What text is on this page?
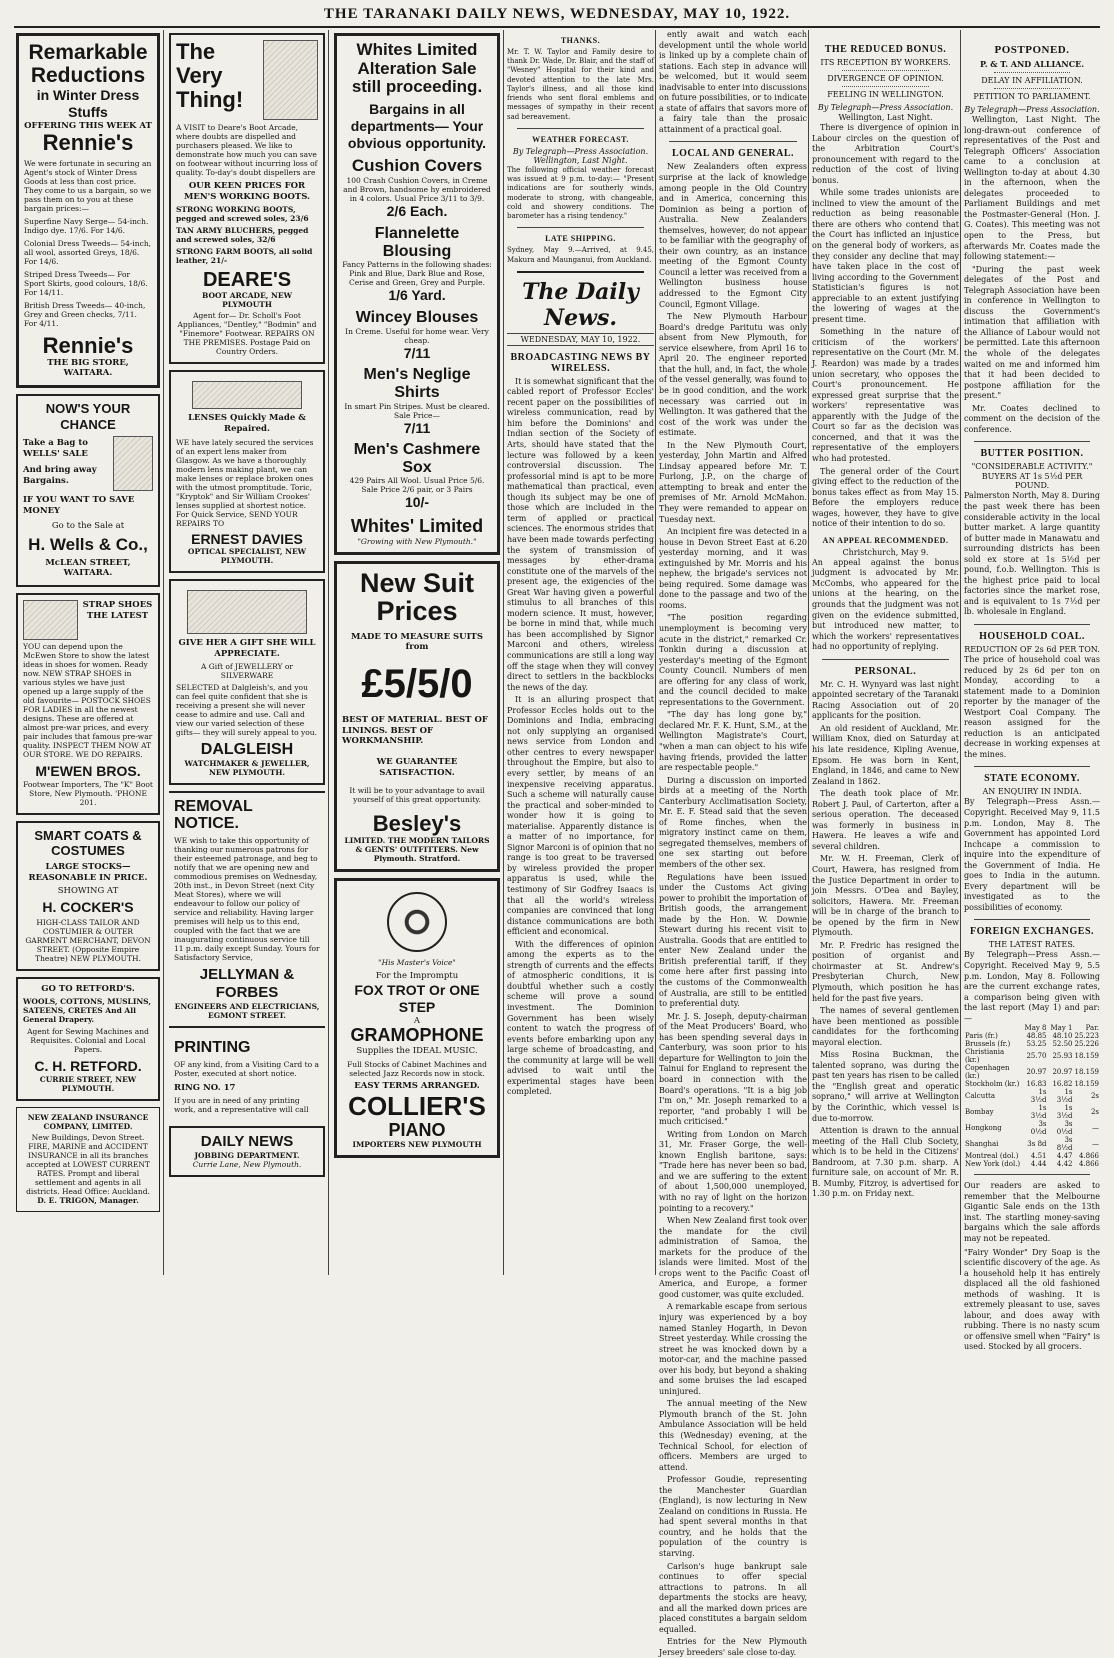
THE TARANAKI DAILY NEWS, WEDNESDAY, MAY 10, 1922.
Remarkable Reductions
in Winter Dress Stuffs
OFFERING THIS WEEK AT
Rennie's
We were fortunate in securing an Agent's stock of Winter Dress Goods at less than cost price. They come to us a bargain, so we pass them on to you at these bargain prices:—
Superfine Navy Serge— 54-inch. Indigo dye. 17/6. For 14/6.
Colonial Dress Tweeds— 54-inch, all wool, assorted Greys, 18/6. For 14/6.
Striped Dress Tweeds— For Sport Skirts, good colours, 18/6. For 14/11.
British Dress Tweeds— 40-inch, Grey and Green checks, 7/11. For 4/11.
Rennie's
THE BIG STORE,
WAITARA.
NOW'S YOUR CHANCE
Take a Bag to WELLS' SALE
And bring away Bargains.
IF YOU WANT TO SAVE MONEY
Go to the Sale at
H. Wells & Co.,
McLEAN STREET, WAITARA.
STRAP SHOES THE LATEST
YOU can depend upon the McEwen Store to show the latest ideas in shoes for women. Ready now. NEW STRAP SHOES in various styles we have just opened up a large supply of the old favourite— POSTOCK SHOES FOR LADIES in all the newest designs. These are offered at almost pre-war prices, and every pair includes that famous pre-war quality. INSPECT THEM NOW AT OUR STORE. WE DO REPAIRS.
M'EWEN BROS.
Footwear Importers, The "K" Boot Store, New Plymouth. 'PHONE 201.
SMART COATS & COSTUMES
LARGE STOCKS— REASONABLE IN PRICE.
SHOWING AT
H. COCKER'S
HIGH-CLASS TAILOR AND COSTUMIER & OUTER GARMENT MERCHANT, DEVON STREET. (Opposite Empire Theatre) NEW PLYMOUTH.
GO TO RETFORD'S.
WOOLS, COTTONS, MUSLINS, SATEENS, CRETES And All General Drapery.
Agent for Sewing Machines and Requisites. Colonial and Local Papers.
C. H. RETFORD.
CURRIE STREET, NEW PLYMOUTH.
NEW ZEALAND INSURANCE COMPANY, LIMITED.
New Buildings, Devon Street. FIRE, MARINE and ACCIDENT INSURANCE in all its branches accepted at LOWEST CURRENT RATES. Prompt and liberal settlement and agents in all districts. Head Office: Auckland.
D. E. TRIGON, Manager.
The Very Thing!
A VISIT to Deare's Boot Arcade, where doubts are dispelled and purchasers pleased. We like to demonstrate how much you can save on footwear without incurring loss of quality. To-day's doubt dispellers are
OUR KEEN PRICES FOR MEN'S WORKING BOOTS.
STRONG WORKING BOOTS, pegged and screwed soles, 23/6
TAN ARMY BLUCHERS, pegged and screwed soles, 32/6
STRONG FARM BOOTS, all solid leather, 21/-
DEARE'S
BOOT ARCADE, NEW PLYMOUTH
Agent for— Dr. Scholl's Foot Appliances, "Dentley," "Bodmin" and "Finemore" Footwear. REPAIRS ON THE PREMISES. Postage Paid on Country Orders.
LENSES Quickly Made & Repaired.
WE have lately secured the services of an expert lens maker from Glasgow. As we have a thoroughly modern lens making plant, we can make lenses or replace broken ones with the utmost promptitude. Toric, "Kryptok" and Sir William Crookes' lenses supplied at shortest notice. For Quick Service, SEND YOUR REPAIRS TO
ERNEST DAVIES
OPTICAL SPECIALIST, NEW PLYMOUTH.
GIVE HER A GIFT SHE WILL APPRECIATE.
A Gift of JEWELLERY or SILVERWARE
SELECTED at Dalgleish's, and you can feel quite confident that she is receiving a present she will never cease to admire and use. Call and view our varied selection of these gifts— they will surely appeal to you.
DALGLEISH
WATCHMAKER & JEWELLER, NEW PLYMOUTH.
REMOVAL NOTICE.
WE wish to take this opportunity of thanking our numerous patrons for their esteemed patronage, and beg to notify that we are opening new and commodious premises on Wednesday, 20th inst., in Devon Street (next City Meat Stores), where we will endeavour to follow our policy of service and reliability. Having larger premises will help us to this end, coupled with the fact that we are inaugurating continuous service till 11 p.m. daily except Sunday. Yours for Satisfactory Service,
JELLYMAN & FORBES
ENGINEERS AND ELECTRICIANS, EGMONT STREET.
PRINTING
OF any kind, from a Visiting Card to a Poster, executed at short notice.
RING NO. 17
If you are in need of any printing work, and a representative will call
DAILY NEWS
JOBBING DEPARTMENT.
Currie Lane, New Plymouth.
Whites Limited Alteration Sale still proceeding.
Bargains in all departments— Your obvious opportunity.
Cushion Covers
100 Crash Cushion Covers, in Creme and Brown, handsome hy embroidered in 4 colors. Usual Price 3/11 to 3/9.
2/6 Each.
Flannelette Blousing
Fancy Patterns in the following shades: Pink and Blue, Dark Blue and Rose, Cerise and Green, Grey and Purple.
1/6 Yard.
Wincey Blouses
In Creme. Useful for home wear. Very cheap.
7/11
Men's Neglige Shirts
In smart Pin Stripes. Must be cleared. Sale Price—
7/11
Men's Cashmere Sox
429 Pairs All Wool. Usual Price 5/6. Sale Price 2/6 pair, or 3 Pairs
10/-
Whites' Limited
"Growing with New Plymouth."
New Suit Prices
MADE TO MEASURE SUITS from
£5/5/0
BEST OF MATERIAL. BEST OF LININGS. BEST OF WORKMANSHIP.
WE GUARANTEE SATISFACTION.
It will be to your advantage to avail yourself of this great opportunity.
Besley's
LIMITED. THE MODERN TAILORS & GENTS' OUTFITTERS. New Plymouth. Stratford.
"His Master's Voice"
For the Impromptu
FOX TROT Or ONE STEP
A
GRAMOPHONE
Supplies the IDEAL MUSIC.
Full Stocks of Cabinet Machines and selected Jazz Records now in stock.
EASY TERMS ARRANGED.
COLLIER'S
PIANO
IMPORTERS NEW PLYMOUTH
THANKS.
Mr. T. W. Taylor and Family desire to thank Dr. Wade, Dr. Blair, and the staff of "Wesney" Hospital for their kind and devoted attention to the late Mrs. Taylor's illness, and all those kind friends who sent floral emblems and messages of sympathy in their recent sad bereavement.
WEATHER FORECAST.
By Telegraph—Press Association. Wellington, Last Night.
The following official weather forecast was issued at 9 p.m. to-day:— "Present indications are for southerly winds, moderate to strong, with changeable, cold and showery conditions. The barometer has a rising tendency."
LATE SHIPPING.
Sydney, May 9.—Arrived, at 9.45, Makura and Maunganui, from Auckland.
The Daily News.
WEDNESDAY, MAY 10, 1922.
BROADCASTING NEWS BY WIRELESS.

It is somewhat significant that the cabled report of Professor Eccles' recent paper on the possibilities of wireless communication, read by him before the Dominions' and Indian section of the Society of Arts, should have stated that the lecture was followed by a keen controversial discussion. The professorial mind is apt to be more mathematical than practical, even though its subject may be one of those which are included in the term of applied or practical sciences. The enormous strides that have been made towards perfecting the system of transmission of messages by ether-drama constitute one of the marvels of the present age, the exigencies of the Great War having given a powerful stimulus to all branches of this modern science. It must, however, be borne in mind that, while much has been accomplished by Signor Marconi and others, wireless communications are still a long way off the stage when they will convey direct to settlers in the backblocks the news of the day.

It is an alluring prospect that Professor Eccles holds out to the Dominions and India, embracing not only supplying an organised news service from London and other centres to every newspaper throughout the Empire, but also to every settler, by means of an inexpensive receiving apparatus. Such a scheme will naturally cause the practical and sober-minded to wonder how it is going to materialise. Apparently distance is a matter of no importance, for Signor Marconi is of opinion that no range is too great to be traversed by wireless provided the proper apparatus is used, while the testimony of Sir Godfrey Isaacs is that all the world's wireless companies are convinced that long distance communications are both efficient and economical.

With the differences of opinion among the experts as to the strength of currents and the effects of atmospheric conditions, it is doubtful whether such a costly scheme will prove a sound investment. The Dominion Government has been wisely content to watch the progress of events before embarking upon any large scheme of broadcasting, and the community at large will be well advised to wait until the experimental stages have been completed.

ently await and watch each development until the whole world is linked up by a complete chain of stations. Each step in advance will be welcomed, but it would seem inadvisable to enter into discussions on future possibilities, or to indicate a state of affairs that savors more of a fairy tale than the prosaic attainment of a practical goal.

LOCAL AND GENERAL.

New Zealanders often express surprise at the lack of knowledge among people in the Old Country and in America, concerning this Dominion as being a portion of Australia. New Zealanders themselves, however, do not appear to be familiar with the geography of their own country, as an instance meeting of the Egmont County Council a letter was received from a Wellington business house addressed to the Egmont City Council, Egmont Village.

The New Plymouth Harbour Board's dredge Paritutu was only absent from New Plymouth, for service elsewhere, from April 16 to April 20. The engineer reported that the hull, and, in fact, the whole of the vessel generally, was found to be in good condition, and the work necessary was carried out in Wellington. It was gathered that the cost of the work was under the estimate.

In the New Plymouth Court, yesterday, John Martin and Alfred Lindsay appeared before Mr. T. Furlong, J.P., on the charge of attempting to break and enter the premises of Mr. Arnold McMahon. They were remanded to appear on Tuesday next.

An incipient fire was detected in a house in Devon Street East at 6.20 yesterday morning, and it was extinguished by Mr. Morris and his nephew, the brigade's services not being required. Some damage was done to the passage and two of the rooms.

"The position regarding unemployment is becoming very acute in the district," remarked Cr. Tonkin during a discussion at yesterday's meeting of the Egmont County Council. Numbers of men are offering for any class of work, and the council decided to make representations to the Government.

"The day has long gone by," declared Mr. F. K. Hunt, S.M., at the Wellington Magistrate's Court, "when a man can object to his wife having friends, provided the latter are respectable people."

During a discussion on imported birds at a meeting of the North Canterbury Acclimatisation Society, Mr. E. F. Stead said that the seven of Rome finches, when the migratory instinct came on them, segregated themselves, members of one sex starting out before members of the other sex.

Regulations have been issued under the Customs Act giving power to prohibit the importation of British goods, the arrangement made by the Hon. W. Downie Stewart during his recent visit to Australia. Goods that are entitled to enter New Zealand under the British preferential tariff, if they come here after first passing into the customs of the Commonwealth of Australia, are still to be entitled to preferential duty.

Mr. J. S. Joseph, deputy-chairman of the Meat Producers' Board, who has been spending several days in Canterbury, was soon prior to his departure for Wellington to join the Tainui for England to represent the board in connection with the Board's operations. "It is a big job I'm on," Mr. Joseph remarked to a reporter, "and probably I will be much criticised."

Writing from London on March 31, Mr. Fraser Gorge, the well-known English baritone, says: "Trade here has never been so bad, and we are suffering to the extent of about 1,500,000 unemployed, with no ray of light on the horizon pointing to a recovery."

When New Zealand first took over the mandate for the civil administration of Samoa, the markets for the produce of the islands were limited. Most of the crops went to the Pacific Coast of America, and Europe, a former good customer, was quite excluded.

A remarkable escape from serious injury was experienced by a boy named Stanley Hogarth, in Devon Street yesterday. While crossing the street he was knocked down by a motor-car, and the machine passed over his body, but beyond a shaking and some bruises the lad escaped uninjured.

The annual meeting of the New Plymouth branch of the St. John Ambulance Association will be held this (Wednesday) evening, at the Technical School, for election of officers. Members are urged to attend.

Professor Goudie, representing the Manchester Guardian (England), is now lecturing in New Zealand on conditions in Russia. He had spent several months in that country, and he holds that the population of the country is starving.

Carlson's huge bankrupt sale continues to offer special attractions to patrons. In all departments the stocks are heavy, and all the marked down prices are placed constitutes a bargain seldom equalled.

Entries for the New Plymouth Jersey breeders' sale close to-day.

THE REDUCED BONUS.
ITS RECEPTION BY WORKERS.
DIVERGENCE OF OPINION.
FEELING IN WELLINGTON.
By Telegraph—Press Association.
Wellington, Last Night.

There is divergence of opinion in Labour circles on the question of the Arbitration Court's pronouncement with regard to the reduction of the cost of living bonus.

While some trades unionists are inclined to view the amount of the reduction as being reasonable there are others who contend that the Court has inflicted an injustice on the general body of workers, as they consider any decline that may have taken place in the cost of living according to the Government Statistician's figures is not appreciable to an extent justifying the lowering of wages at the present time.

Something in the nature of criticism of the workers' representative on the Court (Mr. M. J. Reardon) was made by a trades union secretary, who opposes the Court's pronouncement. He expressed great surprise that the workers' representative was apparently with the Judge of the Court so far as the decision was concerned, and that it was the representative of the employers who had protested.

The general order of the Court giving effect to the reduction of the bonus takes effect as from May 15. Before the employers reduce wages, however, they have to give notice of their intention to do so.

AN APPEAL RECOMMENDED.
Christchurch, May 9.
An appeal against the bonus judgment is advocated by Mr. McCombs, who appeared for the unions at the hearing, on the grounds that the judgment was not given on the evidence submitted, but introduced new matter, to which the workers' representatives had no opportunity of replying.
PERSONAL.

Mr. C. H. Wynyard was last night appointed secretary of the Taranaki Racing Association out of 20 applicants for the position.

An old resident of Auckland, Mr. William Knox, died on Saturday at his late residence, Kipling Avenue, Epsom. He was born in Kent, England, in 1846, and came to New Zealand in 1862.

The death took place of Mr. Robert J. Paul, of Carterton, after a serious operation. The deceased was formerly in business in Hawera. He leaves a wife and several children.

Mr. W. H. Freeman, Clerk of Court, Hawera, has resigned from the Justice Department in order to join Messrs. O'Dea and Bayley, solicitors, Hawera. Mr. Freeman will be in charge of the branch to be opened by the firm in New Plymouth.

Mr. P. Fredric has resigned the position of organist and choirmaster at St. Andrew's Presbyterian Church, New Plymouth, which position he has held for the past five years.

The names of several gentlemen have been mentioned as possible candidates for the forthcoming mayoral election.

Miss Rosina Buckman, the talented soprano, was during the past ten years has risen to be called the "English great and operatic soprano," will arrive at Wellington by the Corinthic, which vessel is due to-morrow.

Attention is drawn to the annual meeting of the Hall Club Society, which is to be held in the Citizens' Bandroom, at 7.30 p.m. sharp. A furniture sale, on account of Mr. R. B. Mumby, Fitzroy, is advertised for 1.30 p.m. on Friday next.

POSTPONED.
P. & T. AND ALLIANCE.
DELAY IN AFFILIATION.
PETITION TO PARLIAMENT.
By Telegraph—Press Association.

Wellington, Last Night. The long-drawn-out conference of representatives of the Post and Telegraph Officers' Association came to a conclusion at Wellington to-day at about 4.30 in the afternoon, when the delegates proceeded to Parliament Buildings and met the Postmaster-General (Hon. J. G. Coates). This meeting was not open to the Press, but afterwards Mr. Coates made the following statement:—

"During the past week delegates of the Post and Telegraph Association have been in conference in Wellington to discuss the Government's intimation that affiliation with the Alliance of Labour would not be permitted. Late this afternoon the whole of the delegates waited on me and informed him that it had been decided to postpone affiliation for the present."

Mr. Coates declined to comment on the decision of the conference.

BUTTER POSITION.
"CONSIDERABLE ACTIVITY."
BUYERS AT 1s 5½d PER POUND.
Palmerston North, May 8. During the past week there has been considerable activity in the local butter market. A large quantity of butter made in Manawatu and surrounding districts has been sold ex store at 1s 5½d per pound, f.o.b. Wellington. This is the highest price paid to local factories since the market rose, and is equivalent to 1s 7½d per lb. wholesale in England.
HOUSEHOLD COAL.
REDUCTION OF 2s 6d PER TON.
The price of household coal was reduced by 2s 6d per ton on Monday, according to a statement made to a Dominion reporter by the manager of the Westport Coal Company. The reason assigned for the reduction is an anticipated decrease in working expenses at the mines.
STATE ECONOMY.
AN ENQUIRY IN INDIA.
By Telegraph—Press Assn.—Copyright. Received May 9, 11.5 p.m. London, May 8. The Government has appointed Lord Inchcape a commission to inquire into the expenditure of the Government of India. He goes to India in the autumn. Every department will be investigated as to the possibilities of economy.
FOREIGN EXCHANGES.
THE LATEST RATES.
By Telegraph—Press Assn.—Copyright. Received May 9, 5.5 p.m. London, May 8. Following are the current exchange rates, a comparison being given with the last report (May 1) and par:—
	May 8	May 1	Par.
Paris (fr.)	48.85	48.10	25.223
Brussels (fr.)	53.25	52.50	25.226
Christiania (kr.)	25.70	25.93	18.159
Copenhagen (kr.)	20.97	20.97	18.159
Stockholm (kr.)	16.83	16.82	18.159
Calcutta	1s 3½d	1s 3½d	2s
Bombay	1s 3½d	1s 3½d	2s
Hongkong	3s 0½d	3s 0½d	—
Shanghai	3s 8d	3s 8½d	—
Montreal (dol.)	4.51	4.47	4.866
New York (dol.)	4.44	4.42	4.866
Our readers are asked to remember that the Melbourne Gigantic Sale ends on the 13th inst. The startling money-saving bargains which the sale affords may not be repeated.
"Fairy Wonder" Dry Soap is the scientific discovery of the age. As a household help it has entirely displaced all the old fashioned methods of washing. It is extremely pleasant to use, saves labour, and does away with rubbing. There is no nasty scum or offensive smell when "Fairy" is used. Stocked by all grocers.
